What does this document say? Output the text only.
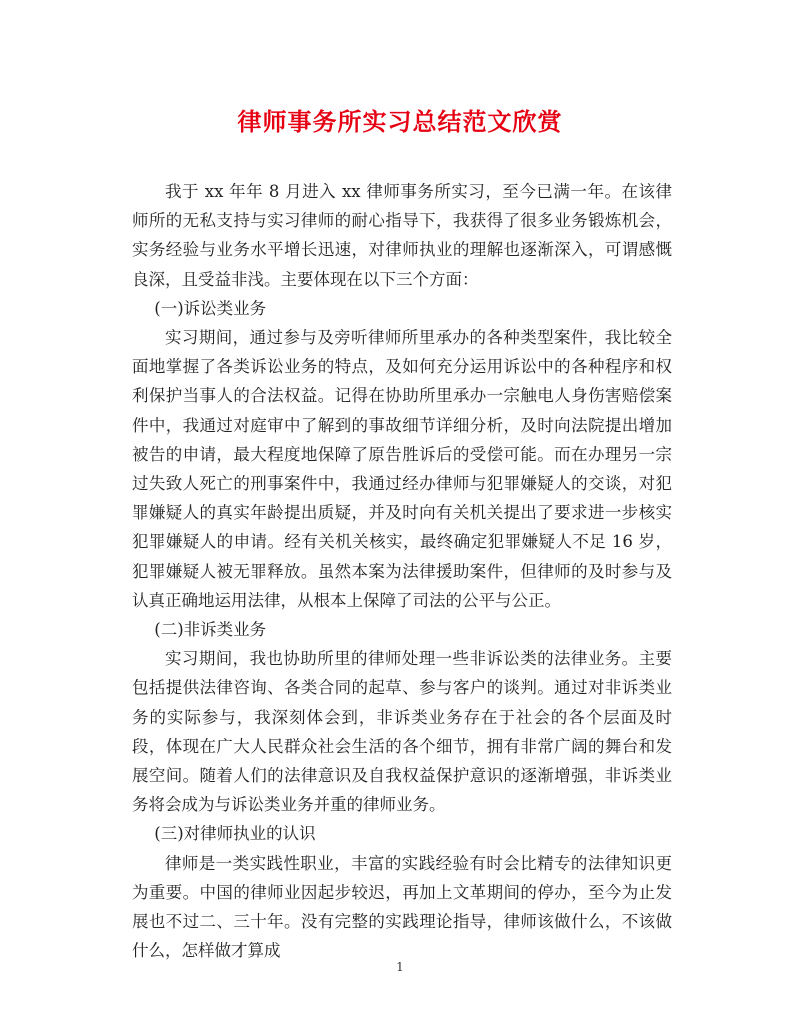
律师事务所实习总结范文欣赏

我于 xx 年年 8 月进入 xx 律师事务所实习，至今已满一年。在该律师所的无私支持与实习律师的耐心指导下，我获得了很多业务锻炼机会，实务经验与业务水平增长迅速，对律师执业的理解也逐渐深入，可谓感慨良深，且受益非浅。主要体现在以下三个方面：

(一)诉讼类业务

实习期间，通过参与及旁听律师所里承办的各种类型案件，我比较全面地掌握了各类诉讼业务的特点，及如何充分运用诉讼中的各种程序和权利保护当事人的合法权益。记得在协助所里承办一宗触电人身伤害赔偿案件中，我通过对庭审中了解到的事故细节详细分析，及时向法院提出增加被告的申请，最大程度地保障了原告胜诉后的受偿可能。而在办理另一宗过失致人死亡的刑事案件中，我通过经办律师与犯罪嫌疑人的交谈，对犯罪嫌疑人的真实年龄提出质疑，并及时向有关机关提出了要求进一步核实犯罪嫌疑人的申请。经有关机关核实，最终确定犯罪嫌疑人不足 16 岁，犯罪嫌疑人被无罪释放。虽然本案为法律援助案件，但律师的及时参与及认真正确地运用法律，从根本上保障了司法的公平与公正。

(二)非诉类业务

实习期间，我也协助所里的律师处理一些非诉讼类的法律业务。主要包括提供法律咨询、各类合同的起草、参与客户的谈判。通过对非诉类业务的实际参与，我深刻体会到，非诉类业务存在于社会的各个层面及时段，体现在广大人民群众社会生活的各个细节，拥有非常广阔的舞台和发展空间。随着人们的法律意识及自我权益保护意识的逐渐增强，非诉类业务将会成为与诉讼类业务并重的律师业务。

(三)对律师执业的认识

律师是一类实践性职业，丰富的实践经验有时会比精专的法律知识更为重要。中国的律师业因起步较迟，再加上文革期间的停办，至今为止发展也不过二、三十年。没有完整的实践理论指导，律师该做什么，不该做什么，怎样做才算成

1
